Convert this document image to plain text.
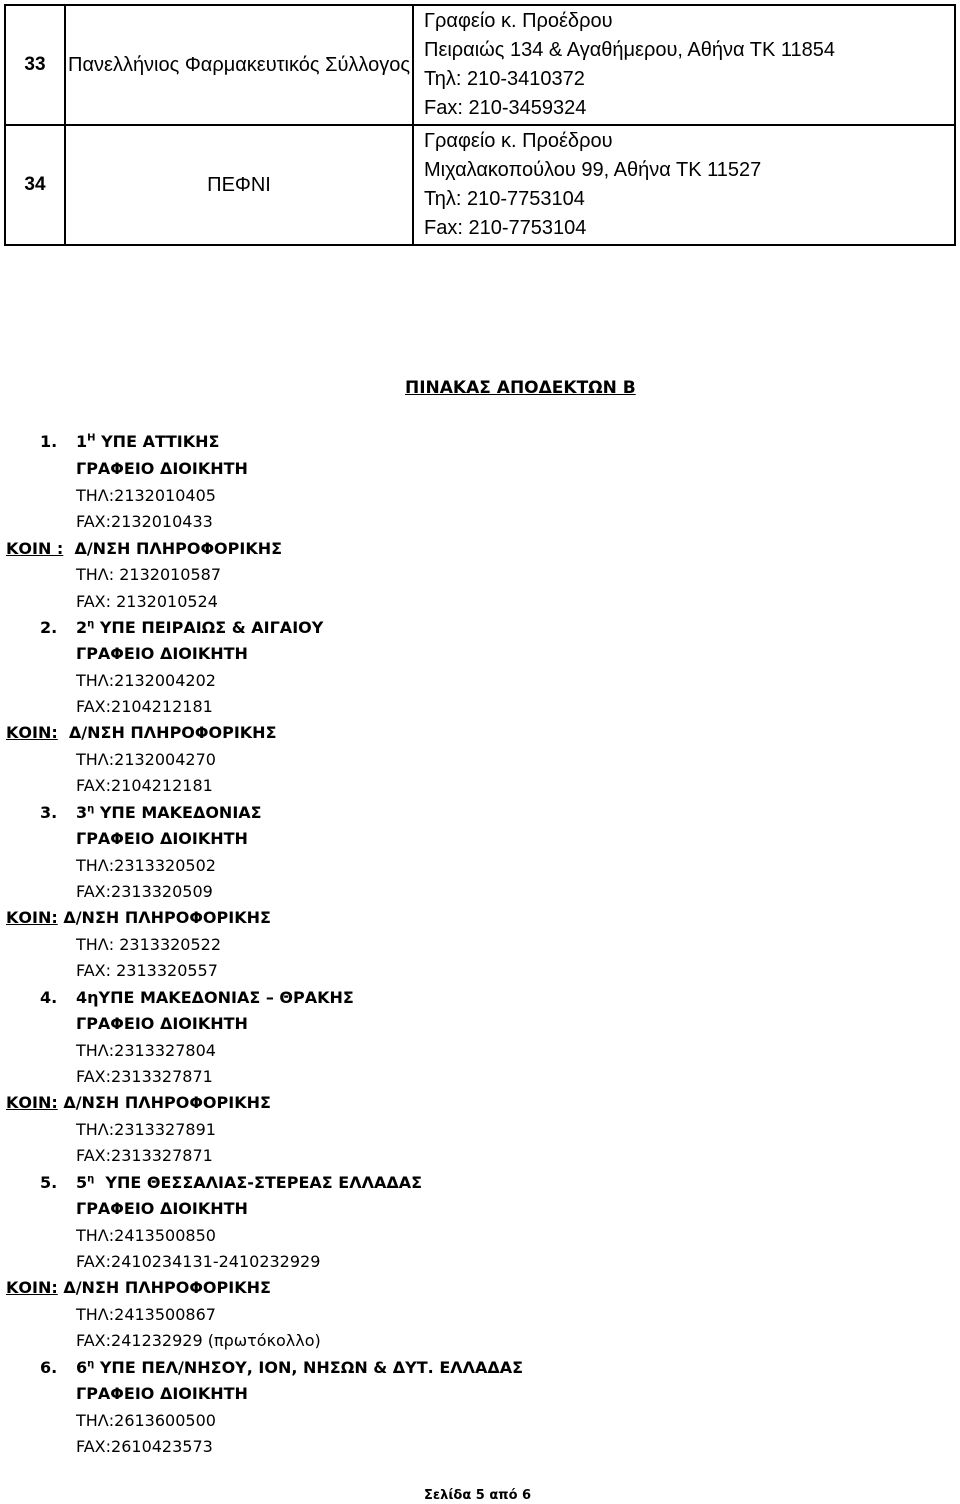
33	Πανελλήνιος Φαρμακευτικός Σύλλογος	Γραφείο κ. Προέδρου
Πειραιώς 134 & Αγαθήμερου, Αθήνα ΤΚ 11854
Τηλ: 210-3410372
Fax: 210-3459324

34	ΠΕΦΝΙ	Γραφείο κ. Προέδρου
Μιχαλακοπούλου 99, Αθήνα ΤΚ 11527
Τηλ: 210-7753104
Fax: 210-7753104
ΠΙΝΑΚΑΣ ΑΠΟΔΕΚΤΩΝ Β
1. $1^H$ ΥΠΕ ΑΤΤΙΚΗΣ
ΓΡΑΦΕΙΟ ΔΙΟΙΚΗΤΗ
ΤΗΛ:2132010405
FAX:2132010433
ΚΟΙΝ : Δ/ΝΣΗ ΠΛΗΡΟΦΟΡΙΚΗΣ
ΤΗΛ: 2132010587
FAX: 2132010524
2. $2^\eta$ ΥΠΕ ΠΕΙΡΑΙΩΣ & ΑΙΓΑΙΟΥ
ΓΡΑΦΕΙΟ ΔΙΟΙΚΗΤΗ
ΤΗΛ:2132004202
FAX:2104212181
ΚΟΙΝ: Δ/ΝΣΗ ΠΛΗΡΟΦΟΡΙΚΗΣ
ΤΗΛ:2132004270
FAX:2104212181
3. $3^\eta$ ΥΠΕ ΜΑΚΕΔΟΝΙΑΣ
ΓΡΑΦΕΙΟ ΔΙΟΙΚΗΤΗ
ΤΗΛ:2313320502
FAX:2313320509
ΚΟΙΝ: Δ/ΝΣΗ ΠΛΗΡΟΦΟΡΙΚΗΣ
ΤΗΛ: 2313320522
FAX: 2313320557
4. 4ηΥΠΕ ΜΑΚΕΔΟΝΙΑΣ – ΘΡΑΚΗΣ
ΓΡΑΦΕΙΟ ΔΙΟΙΚΗΤΗ
ΤΗΛ:2313327804
FAX:2313327871
ΚΟΙΝ: Δ/ΝΣΗ ΠΛΗΡΟΦΟΡΙΚΗΣ
ΤΗΛ:2313327891
FAX:2313327871
5. $5^\eta$  ΥΠΕ ΘΕΣΣΑΛΙΑΣ-ΣΤΕΡΕΑΣ ΕΛΛΑΔΑΣ
ΓΡΑΦΕΙΟ ΔΙΟΙΚΗΤΗ
ΤΗΛ:2413500850
FAX:2410234131-2410232929
ΚΟΙΝ: Δ/ΝΣΗ ΠΛΗΡΟΦΟΡΙΚΗΣ
ΤΗΛ:2413500867
FAX:241232929 (πρωτόκολλο)
6. $6^\eta$ ΥΠΕ ΠΕΛ/ΝΗΣΟΥ, ΙΟΝ, ΝΗΣΩΝ & ΔΥΤ. ΕΛΛΑΔΑΣ
ΓΡΑΦΕΙΟ ΔΙΟΙΚΗΤΗ
ΤΗΛ:2613600500
FAX:2610423573
Σελίδα 5 από 6
